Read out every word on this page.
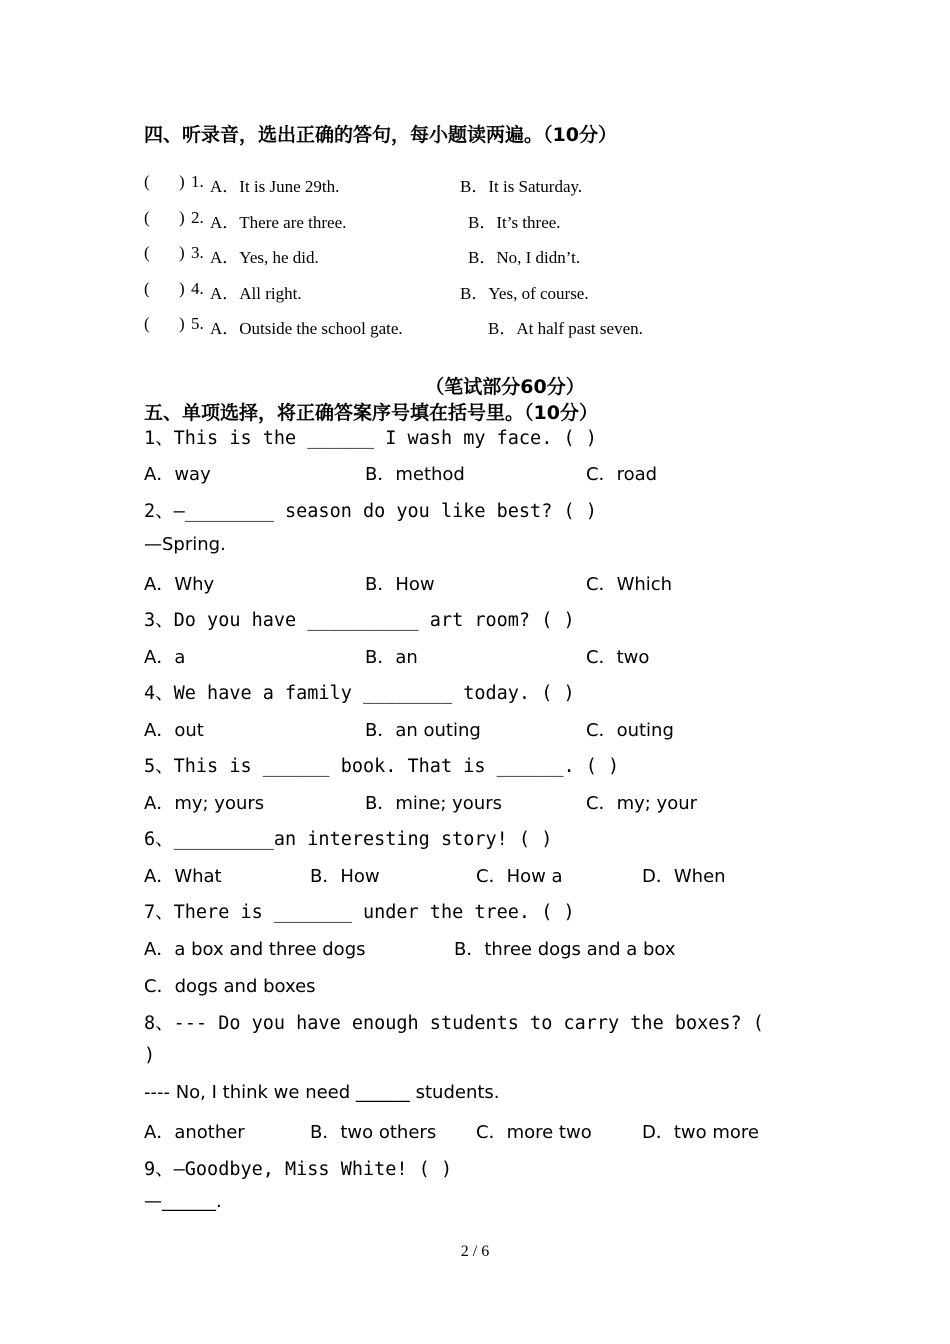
四、听录音，选出正确的答句，每小题读两遍。（10分）
( ) 1. A．It is June 29th.	B．It is Saturday.
( ) 2. A．There are three.	B．It’s three.
( ) 3. A．Yes, he did.	B．No, I didn’t.
( ) 4. A．All right.	B．Yes, of course.
( ) 5. A．Outside the school gate.	B．At half past seven.
（笔试部分60分）
五、单项选择，将正确答案序号填在括号里。（10分）
1、This is the ______ I wash my face. ( )
A．way	B．method	C．road
2、—________ season do you like best? ( )
—Spring.
A．Why	B．How	C．Which
3、Do you have __________ art room? ( )
A．a	B．an	C．two
4、We have a family ________ today. ( )
A．out	B．an outing	C．outing
5、This is ______ book. That is ______. ( )
A．my; yours	B．mine; yours	C．my; your
6、_________an interesting story! ( )
A．What	B．How	C．How a	D．When
7、There is _______ under the tree. ( )
A．a box and three dogs	B．three dogs and a box
C．dogs and boxes
8、--- Do you have enough students to carry the boxes? (
)
---- No, I think we need ______ students.
A．another	B．two others C．more two	D．two more
9、—Goodbye, Miss White! ( )
—______.
2 / 6
